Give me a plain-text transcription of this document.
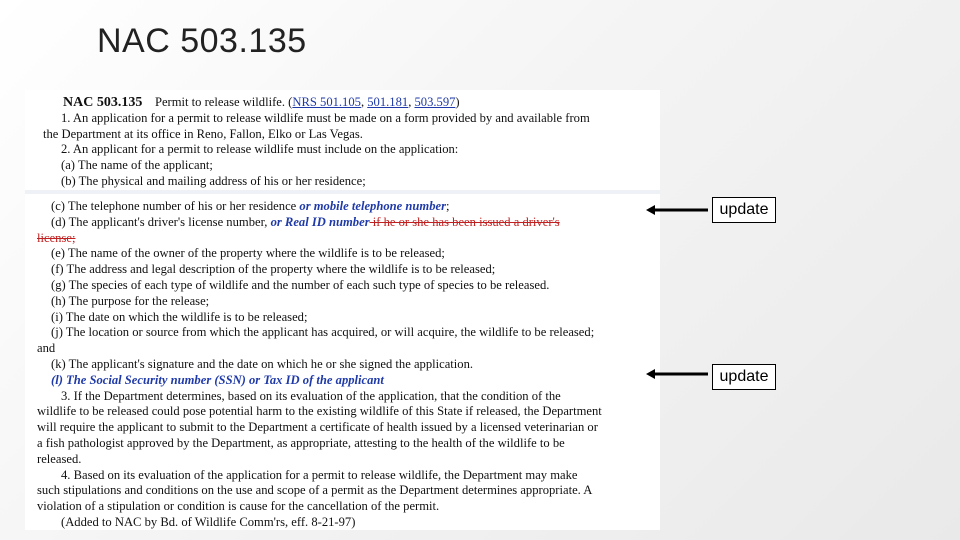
NAC 503.135
NAC 503.135 Permit to release wildlife. (NRS 501.105, 501.181, 503.597)
1. An application for a permit to release wildlife must be made on a form provided by and available from
the Department at its office in Reno, Fallon, Elko or Las Vegas.
2. An applicant for a permit to release wildlife must include on the application:
(a) The name of the applicant;
(b) The physical and mailing address of his or her residence;
(c) The telephone number of his or her residence or mobile telephone number;
(d) The applicant's driver's license number, or Real ID number if he or she has been issued a driver's
license;
(e) The name of the owner of the property where the wildlife is to be released;
(f) The address and legal description of the property where the wildlife is to be released;
(g) The species of each type of wildlife and the number of each such type of species to be released.
(h) The purpose for the release;
(i) The date on which the wildlife is to be released;
(j) The location or source from which the applicant has acquired, or will acquire, the wildlife to be released;
and
(k) The applicant's signature and the date on which he or she signed the application.
(l) The Social Security number (SSN) or Tax ID of the applicant
3. If the Department determines, based on its evaluation of the application, that the condition of the
wildlife to be released could pose potential harm to the existing wildlife of this State if released, the Department
will require the applicant to submit to the Department a certificate of health issued by a licensed veterinarian or
a fish pathologist approved by the Department, as appropriate, attesting to the health of the wildlife to be
released.
4. Based on its evaluation of the application for a permit to release wildlife, the Department may make
such stipulations and conditions on the use and scope of a permit as the Department determines appropriate. A
violation of a stipulation or condition is cause for the cancellation of the permit.
(Added to NAC by Bd. of Wildlife Comm'rs, eff. 8-21-97)
update
update
